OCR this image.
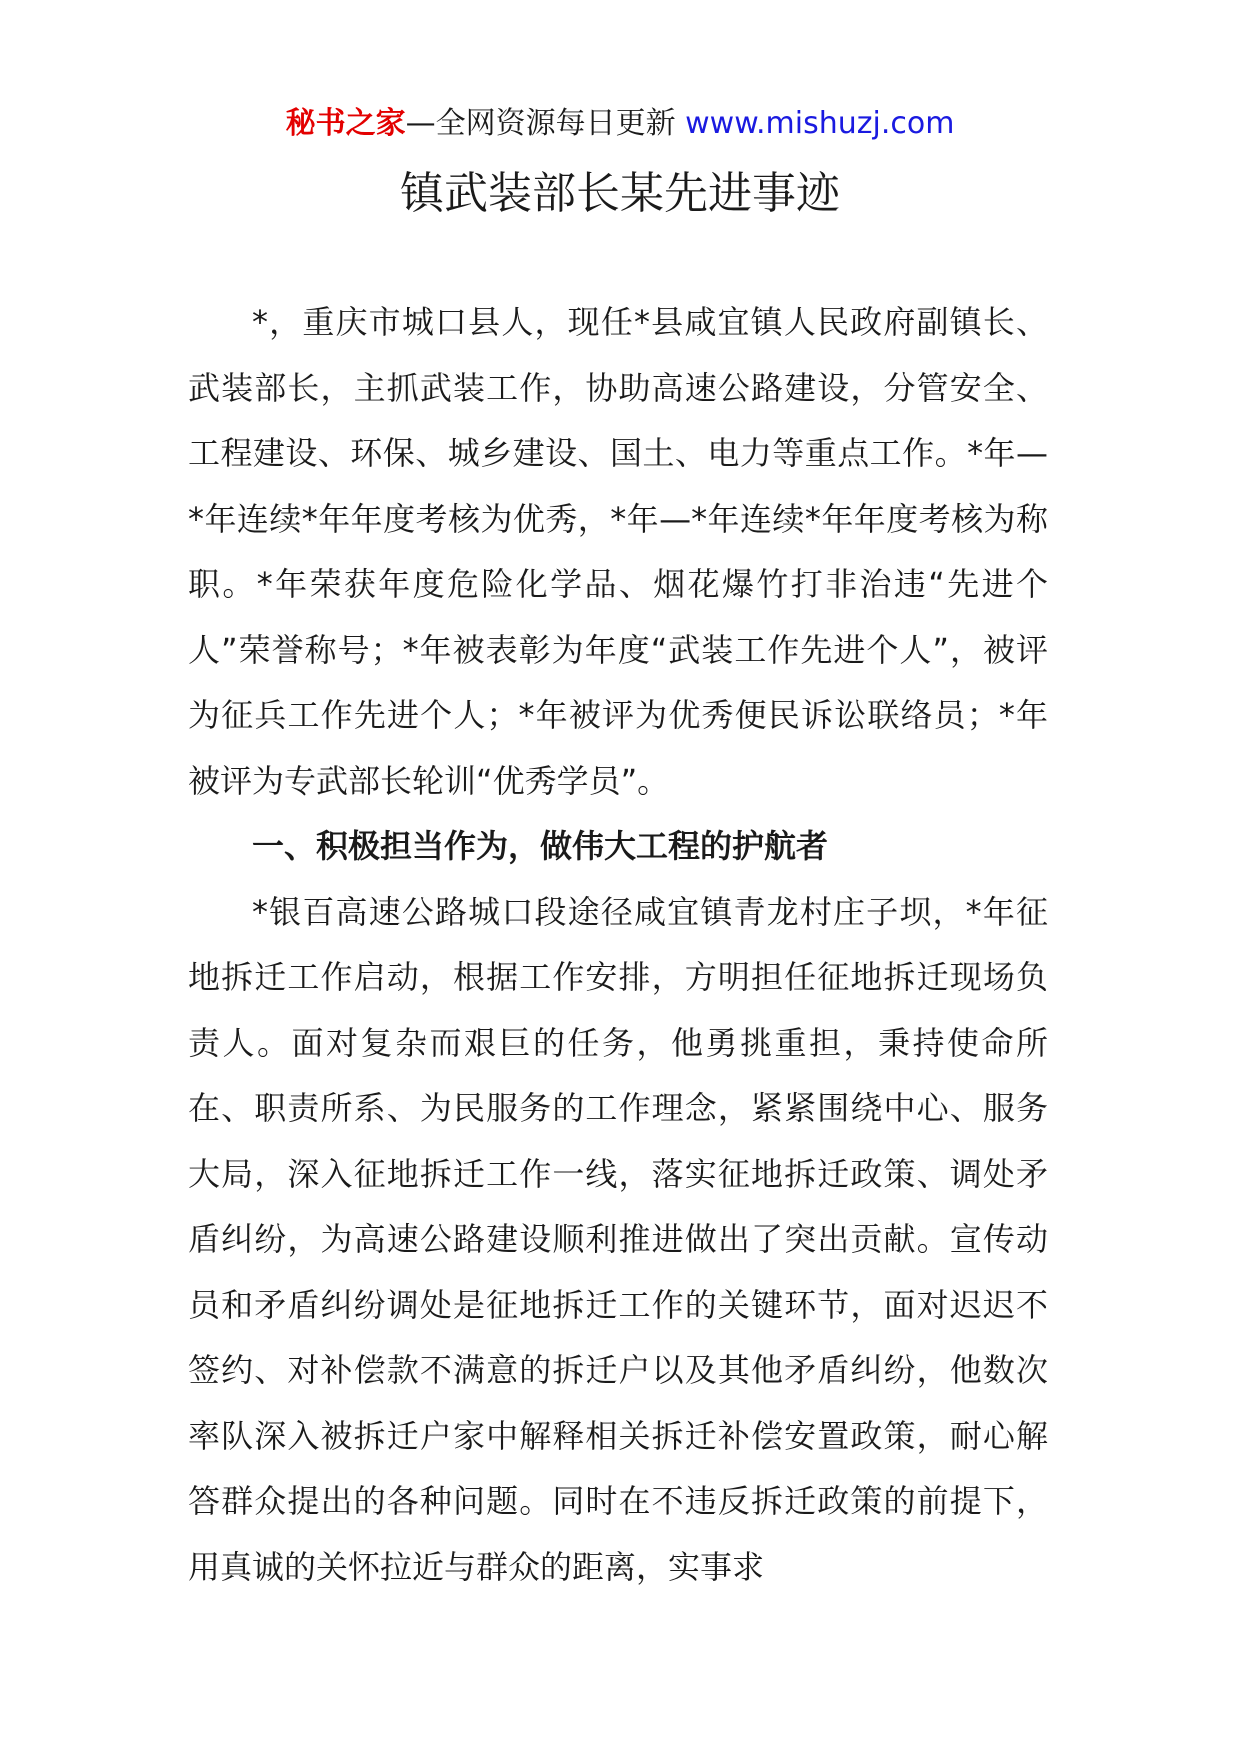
秘书之家—全网资源每日更新 www.mishuzj.com
镇武装部长某先进事迹

*，重庆市城口县人，现任*县咸宜镇人民政府副镇长、武装部长，主抓武装工作，协助高速公路建设，分管安全、工程建设、环保、城乡建设、国土、电力等重点工作。*年—*年连续*年年度考核为优秀，*年—*年连续*年年度考核为称职。*年荣获年度危险化学品、烟花爆竹打非治违“先进个人”荣誉称号；*年被表彰为年度“武装工作先进个人”，被评为征兵工作先进个人；*年被评为优秀便民诉讼联络员；*年被评为专武部长轮训“优秀学员”。

一、积极担当作为，做伟大工程的护航者

*银百高速公路城口段途径咸宜镇青龙村庄子坝，*年征地拆迁工作启动，根据工作安排，方明担任征地拆迁现场负责人。面对复杂而艰巨的任务，他勇挑重担，秉持使命所在、职责所系、为民服务的工作理念，紧紧围绕中心、服务大局，深入征地拆迁工作一线，落实征地拆迁政策、调处矛盾纠纷，为高速公路建设顺利推进做出了突出贡献。宣传动员和矛盾纠纷调处是征地拆迁工作的关键环节，面对迟迟不签约、对补偿款不满意的拆迁户以及其他矛盾纠纷，他数次率队深入被拆迁户家中解释相关拆迁补偿安置政策，耐心解答群众提出的各种问题。同时在不违反拆迁政策的前提下，用真诚的关怀拉近与群众的距离，实事求
